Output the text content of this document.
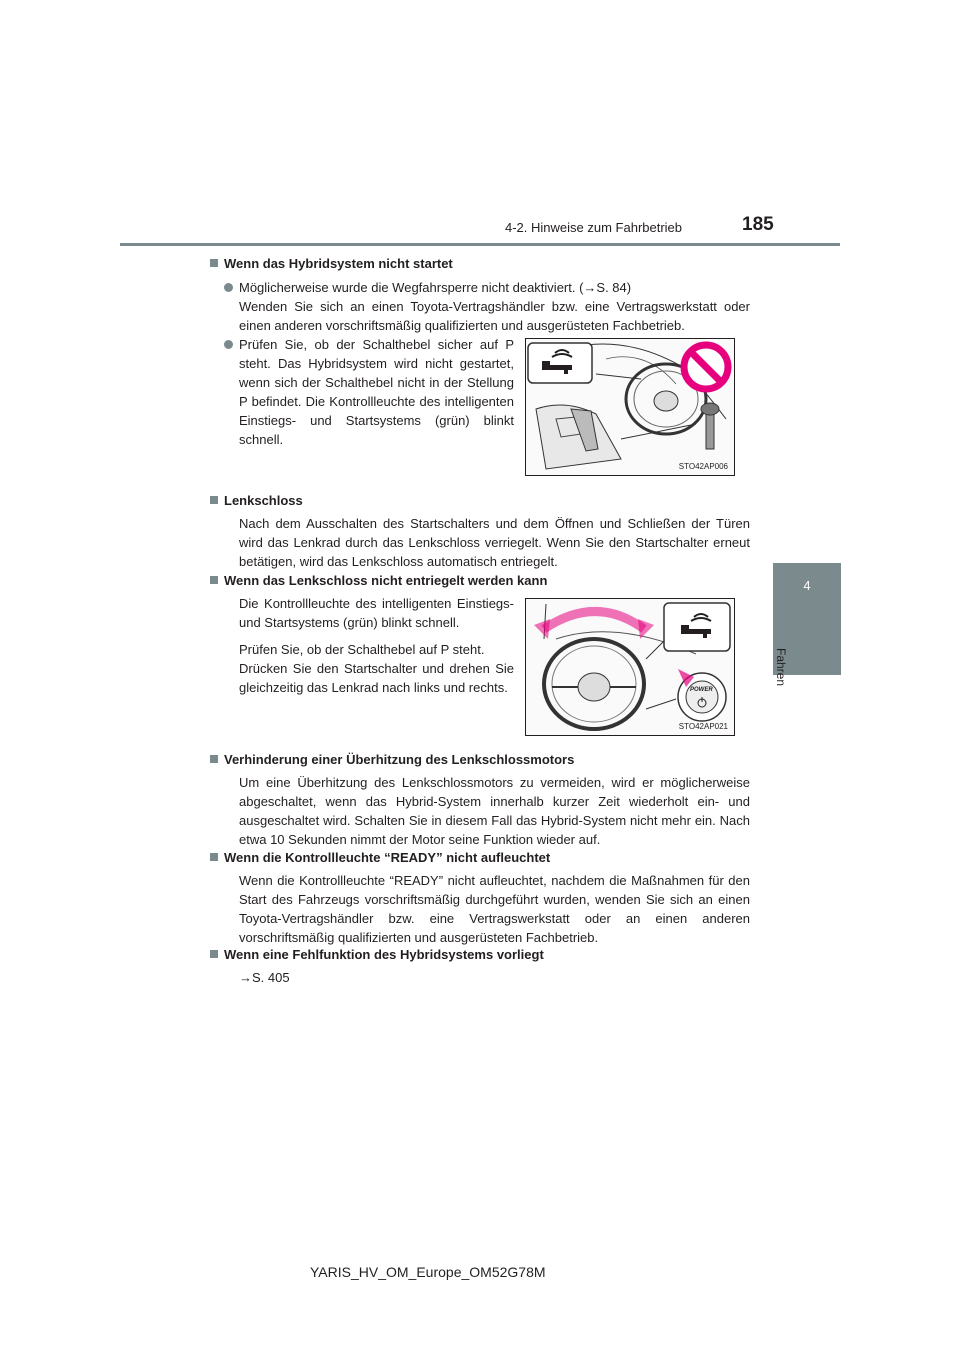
4-2. Hinweise zum Fahrbetrieb	185
4
Fahren

Wenn das Hybridsystem nicht startet

Möglicherweise wurde die Wegfahrsperre nicht deaktiviert. (→S. 84)

Wenden Sie sich an einen Toyota-Vertragshändler bzw. eine Vertragswerkstatt oder einen anderen vorschriftsmäßig qualifizierten und ausgerüsteten Fachbetrieb.

Prüfen Sie, ob der Schalthebel sicher auf P steht. Das Hybridsystem wird nicht gestartet, wenn sich der Schalthebel nicht in der Stellung P befindet. Die Kontrollleuchte des intelligenten Einstiegs- und Startsystems (grün) blinkt schnell.

STO42AP006

Lenkschloss

Nach dem Ausschalten des Startschalters und dem Öffnen und Schließen der Türen wird das Lenkrad durch das Lenkschloss verriegelt. Wenn Sie den Startschalter erneut betätigen, wird das Lenkschloss automatisch entriegelt.

Wenn das Lenkschloss nicht entriegelt werden kann

Die Kontrollleuchte des intelligenten Einstiegs- und Startsystems (grün) blinkt schnell.

Prüfen Sie, ob der Schalthebel auf P steht.

Drücken Sie den Startschalter und drehen Sie gleichzeitig das Lenkrad nach links und rechts.	POWER
STO42AP021

Verhinderung einer Überhitzung des Lenkschlossmotors

Um eine Überhitzung des Lenkschlossmotors zu vermeiden, wird er möglicherweise abgeschaltet, wenn das Hybrid-System innerhalb kurzer Zeit wiederholt ein- und ausgeschaltet wird. Schalten Sie in diesem Fall das Hybrid-System nicht mehr ein. Nach etwa 10 Sekunden nimmt der Motor seine Funktion wieder auf.

Wenn die Kontrollleuchte “READY” nicht aufleuchtet

Wenn die Kontrollleuchte “READY” nicht aufleuchtet, nachdem die Maßnahmen für den Start des Fahrzeugs vorschriftsmäßig durchgeführt wurden, wenden Sie sich an einen Toyota-Vertragshändler bzw. eine Vertragswerkstatt oder an einen anderen vorschriftsmäßig qualifizierten und ausgerüsteten Fachbetrieb.

Wenn eine Fehlfunktion des Hybridsystems vorliegt

→S. 405

YARIS_HV_OM_Europe_OM52G78M
